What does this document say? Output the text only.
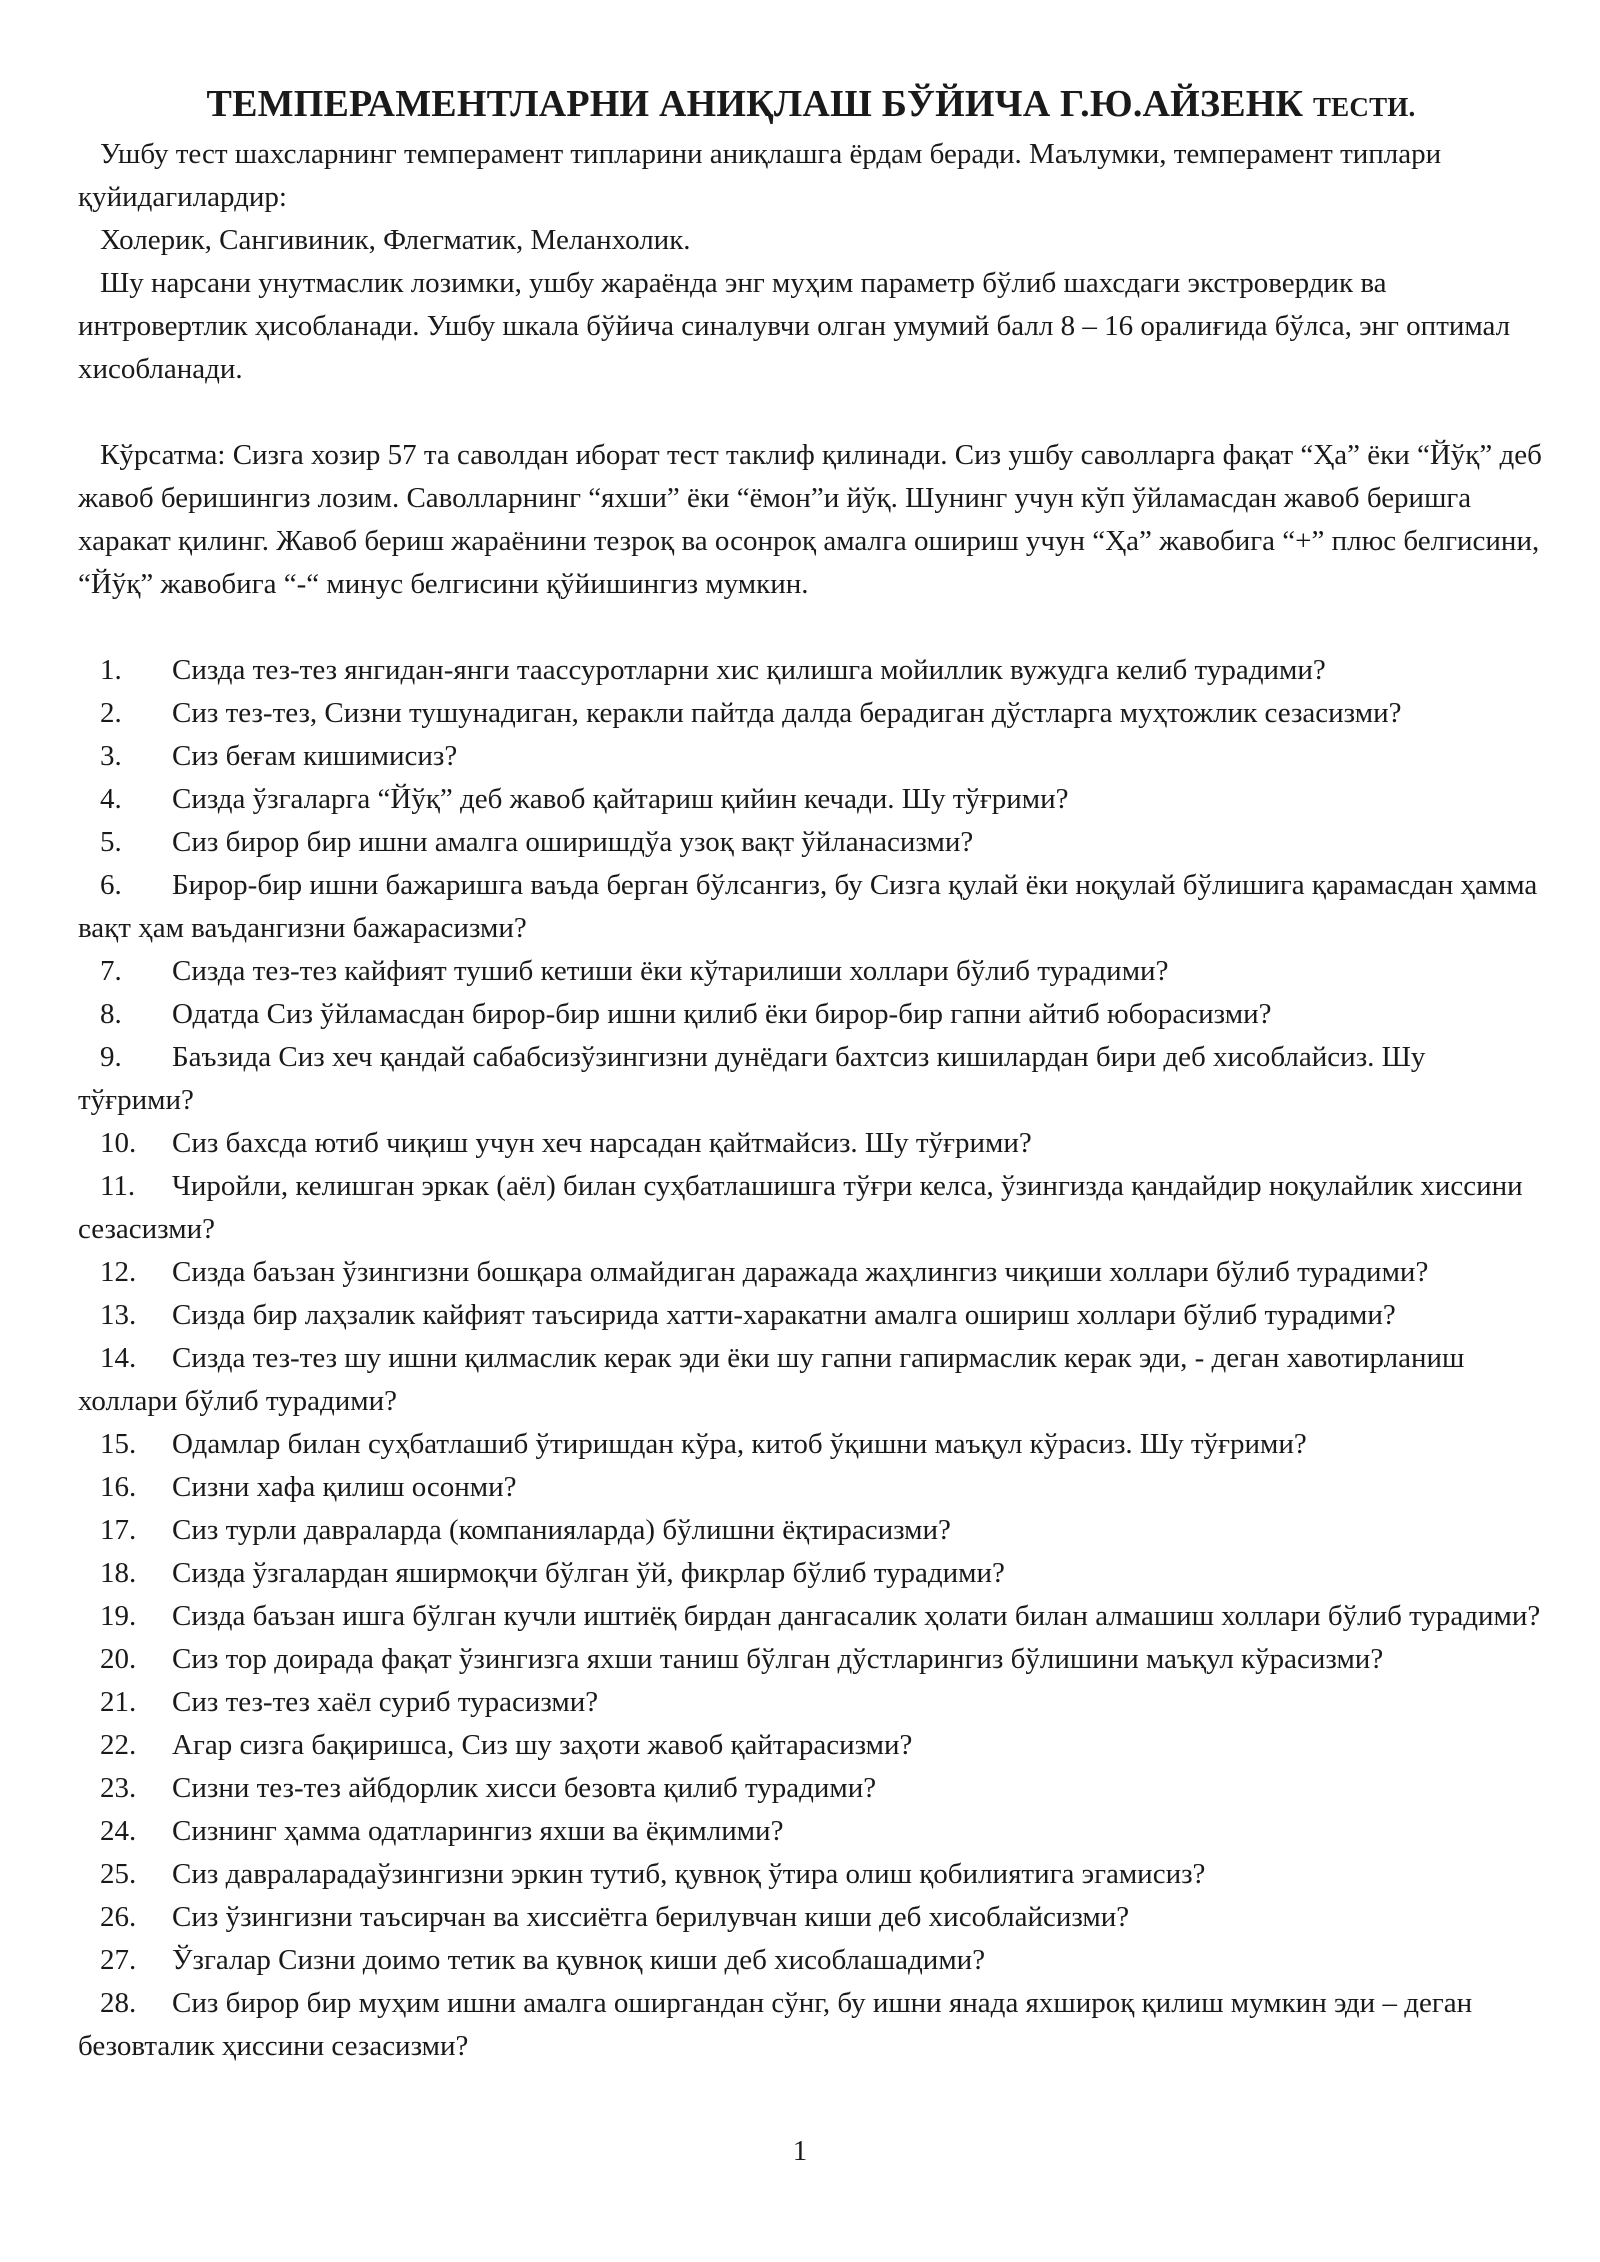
ТЕМПЕРАМЕНТЛАРНИ АНИҚЛАШ БЎЙИЧА Г.Ю.АЙЗЕНК ТЕСТИ.

Ушбу тест шахсларнинг темперамент типларини аниқлашга ёрдам беради. Маълумки, темперамент типлари қуйидагилардир:

Холерик, Сангивиник, Флегматик, Меланхолик.

Шу нарсани унутмаслик лозимки, ушбу жараёнда энг муҳим параметр бўлиб шахсдаги экстровердик ва интровертлик ҳисобланади. Ушбу шкала бўйича синалувчи олган умумий балл 8 – 16 оралиғида бўлса, энг оптимал хисобланади.

Кўрсатма: Сизга хозир 57 та саволдан иборат тест таклиф қилинади. Сиз ушбу саволларга фақат “Ҳа” ёки “Йўқ” деб жавоб беришингиз лозим. Саволларнинг “яхши” ёки “ёмон”и йўқ. Шунинг учун кўп ўйламасдан жавоб беришга харакат қилинг. Жавоб бериш жараёнини тезроқ ва осонроқ амалга ошириш учун “Ҳа” жавобига “+” плюс белгисини, “Йўқ” жавобига “-“ минус белгисини қўйишингиз мумкин.

1. Сизда тез-тез янгидан-янги таассуротларни хис қилишга мойиллик вужудга келиб турадими?

2. Сиз тез-тез, Сизни тушунадиган, керакли пайтда далда берадиган дўстларга муҳтожлик сезасизми?

3. Сиз беғам кишимисиз?

4. Сизда ўзгаларга “Йўқ” деб жавоб қайтариш қийин кечади. Шу тўғрими?

5. Сиз бирор бир ишни амалга оширишдўа узоқ вақт ўйланасизми?

6. Бирор-бир ишни бажаришга ваъда берган бўлсангиз, бу Сизга қулай ёки ноқулай бўлишига қарамасдан ҳамма вақт ҳам ваъдангизни бажарасизми?

7. Сизда тез-тез кайфият тушиб кетиши ёки кўтарилиши холлари бўлиб турадими?

8. Одатда Сиз ўйламасдан бирор-бир ишни қилиб ёки бирор-бир гапни айтиб юборасизми?

9. Баъзида Сиз хеч қандай сабабсизўзингизни дунёдаги бахтсиз кишилардан бири деб хисоблайсиз. Шу тўғрими?

10. Сиз бахсда ютиб чиқиш учун хеч нарсадан қайтмайсиз. Шу тўғрими?

11. Чиройли, келишган эркак (аёл) билан суҳбатлашишга тўғри келса, ўзингизда қандайдир ноқулайлик хиссини сезасизми?

12. Сизда баъзан ўзингизни бошқара олмайдиган даражада жаҳлингиз чиқиши холлари бўлиб турадими?

13. Сизда бир лаҳзалик кайфият таъсирида хатти-харакатни амалга ошириш холлари бўлиб турадими?

14. Сизда тез-тез шу ишни қилмаслик керак эди ёки шу гапни гапирмаслик керак эди, - деган хавотирланиш холлари бўлиб турадими?

15. Одамлар билан суҳбатлашиб ўтиришдан кўра, китоб ўқишни маъқул кўрасиз. Шу тўғрими?

16. Сизни хафа қилиш осонми?

17. Сиз турли давраларда (компанияларда) бўлишни ёқтирасизми?

18. Сизда ўзгалардан яширмоқчи бўлган ўй, фикрлар бўлиб турадими?

19. Сизда баъзан ишга бўлган кучли иштиёқ бирдан дангасалик ҳолати билан алмашиш холлари бўлиб турадими?

20. Сиз тор доирада фақат ўзингизга яхши таниш бўлган дўстларингиз бўлишини маъқул кўрасизми?

21. Сиз тез-тез хаёл суриб турасизми?

22. Агар сизга бақиришса, Сиз шу заҳоти жавоб қайтарасизми?

23. Сизни тез-тез айбдорлик хисси безовта қилиб турадими?

24. Сизнинг ҳамма одатларингиз яхши ва ёқимлими?

25. Сиз давраларадаўзингизни эркин тутиб, қувноқ ўтира олиш қобилиятига эгамисиз?

26. Сиз ўзингизни таъсирчан ва хиссиётга берилувчан киши деб хисоблайсизми?

27. Ўзгалар Сизни доимо тетик ва қувноқ киши деб хисоблашадими?

28. Сиз бирор бир муҳим ишни амалга оширгандан сўнг, бу ишни янада яхшироқ қилиш мумкин эди – деган безовталик ҳиссини сезасизми?

1
